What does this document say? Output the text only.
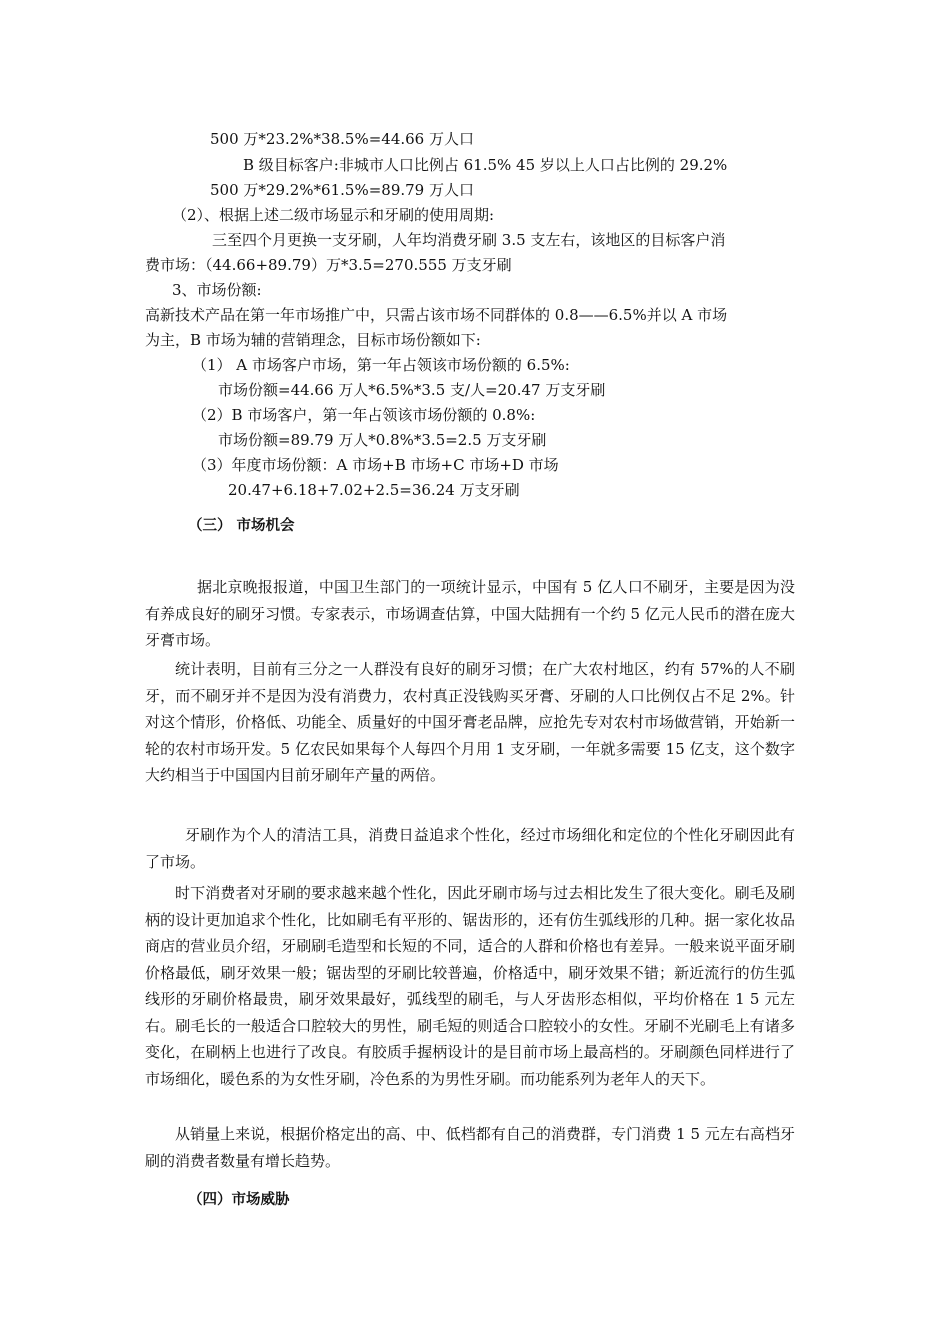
500 万*23.2%*38.5%=44.66 万人口
B 级目标客户:非城市人口比例占 61.5% 45 岁以上人口占比例的 29.2%
500 万*29.2%*61.5%=89.79 万人口
（2）、根据上述二级市场显示和牙刷的使用周期:
三至四个月更换一支牙刷，人年均消费牙刷 3.5 支左右，该地区的目标客户消
费市场：（44.66+89.79）万*3.5=270.555 万支牙刷
3、市场份额:
高新技术产品在第一年市场推广中，只需占该市场不同群体的 0.8——6.5%并以 A 市场
为主，B 市场为辅的营销理念，目标市场份额如下:
（1） A 市场客户市场，第一年占领该市场份额的 6.5%:
市场份额=44.66 万人*6.5%*3.5 支/人=20.47 万支牙刷
（2）B 市场客户，第一年占领该市场份额的 0.8%:
市场份额=89.79 万人*0.8%*3.5=2.5 万支牙刷
（3）年度市场份额：A 市场+B 市场+C 市场+D 市场
20.47+6.18+7.02+2.5=36.24 万支牙刷
（三） 市场机会

据北京晚报报道，中国卫生部门的一项统计显示，中国有 5 亿人口不刷牙，主要是因为没有养成良好的刷牙习惯。专家表示，市场调查估算，中国大陆拥有一个约 5 亿元人民币的潜在庞大牙膏市场。

统计表明，目前有三分之一人群没有良好的刷牙习惯；在广大农村地区，约有 57%的人不刷牙，而不刷牙并不是因为没有消费力，农村真正没钱购买牙膏、牙刷的人口比例仅占不足 2%。针对这个情形，价格低、功能全、质量好的中国牙膏老品牌，应抢先专对农村市场做营销，开始新一轮的农村市场开发。5 亿农民如果每个人每四个月用 1 支牙刷，一年就多需要 15 亿支，这个数字大约相当于中国国内目前牙刷年产量的两倍。

牙刷作为个人的清洁工具，消费日益追求个性化，经过市场细化和定位的个性化牙刷因此有了市场。

时下消费者对牙刷的要求越来越个性化，因此牙刷市场与过去相比发生了很大变化。刷毛及刷柄的设计更加追求个性化，比如刷毛有平形的、锯齿形的，还有仿生弧线形的几种。据一家化妆品商店的营业员介绍，牙刷刷毛造型和长短的不同，适合的人群和价格也有差异。一般来说平面牙刷价格最低，刷牙效果一般；锯齿型的牙刷比较普遍，价格适中，刷牙效果不错；新近流行的仿生弧线形的牙刷价格最贵，刷牙效果最好，弧线型的刷毛，与人牙齿形态相似，平均价格在 1 5 元左右。刷毛长的一般适合口腔较大的男性，刷毛短的则适合口腔较小的女性。牙刷不光刷毛上有诸多变化，在刷柄上也进行了改良。有胶质手握柄设计的是目前市场上最高档的。牙刷颜色同样进行了市场细化，暖色系的为女性牙刷，冷色系的为男性牙刷。而功能系列为老年人的天下。

从销量上来说，根据价格定出的高、中、低档都有自己的消费群，专门消费 1 5 元左右高档牙刷的消费者数量有增长趋势。

（四）市场威胁
